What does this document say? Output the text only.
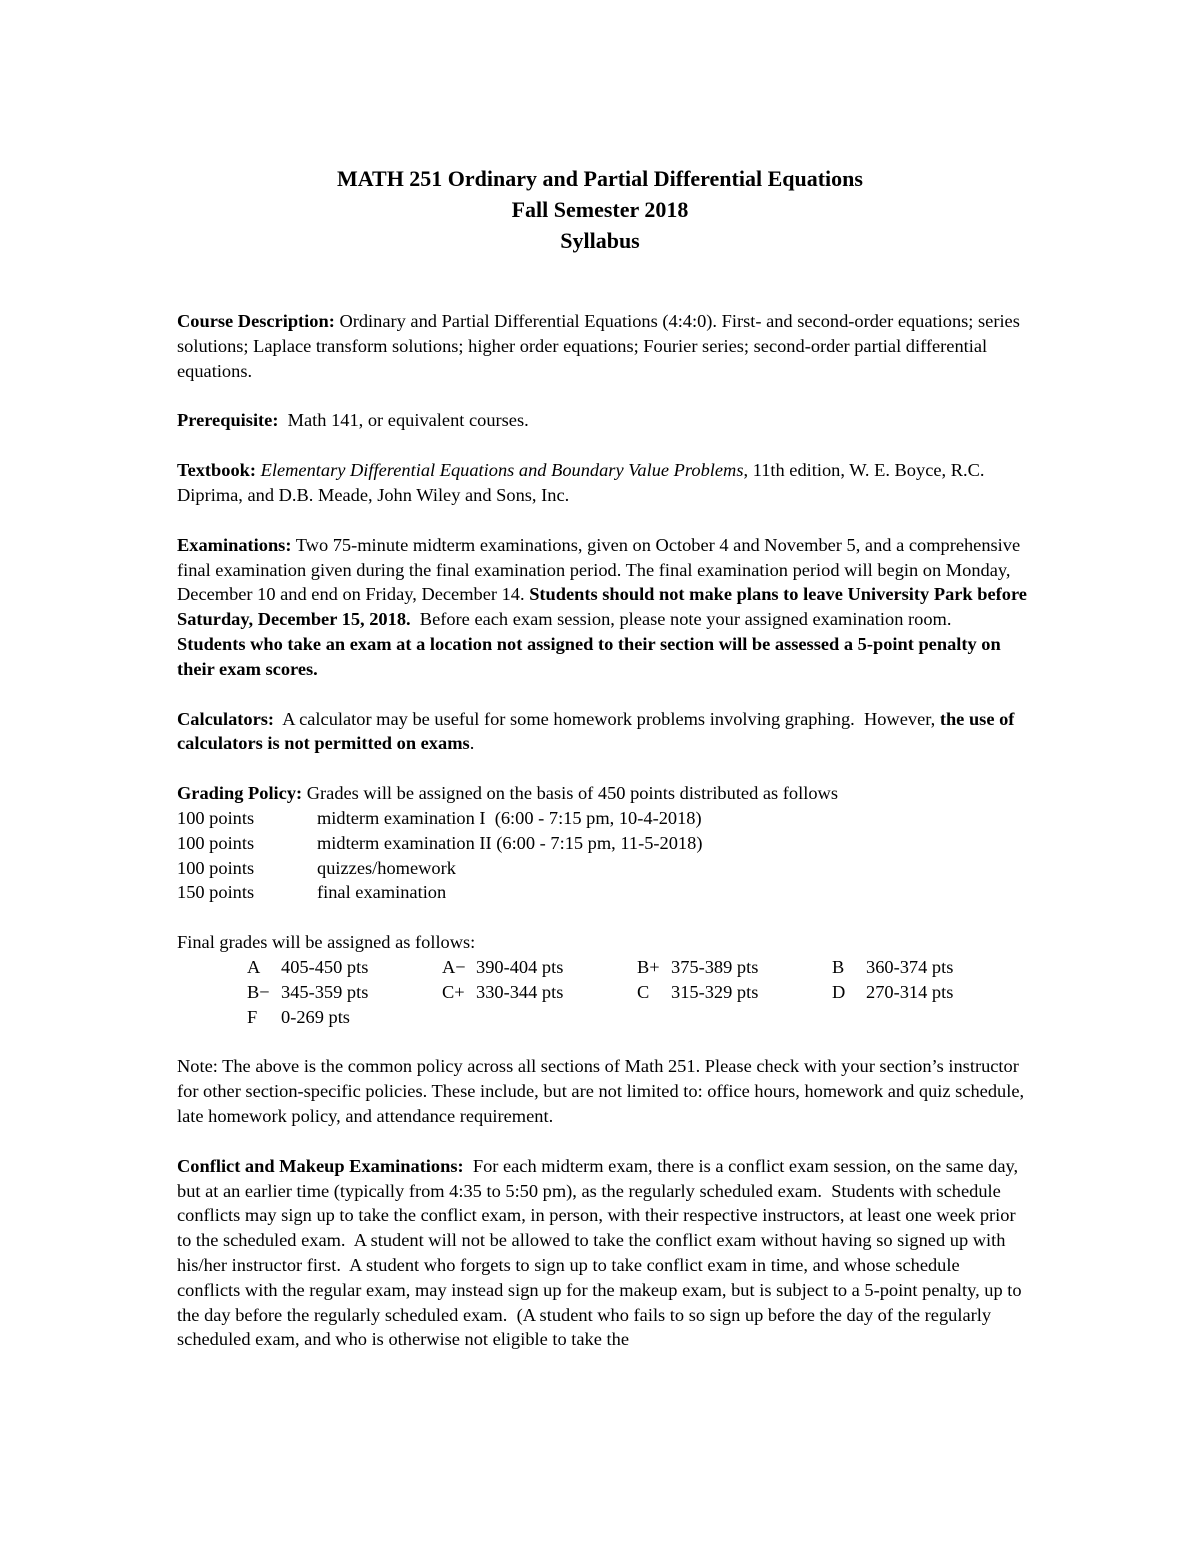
MATH 251 Ordinary and Partial Differential Equations
Fall Semester 2018
Syllabus

Course Description: Ordinary and Partial Differential Equations (4:4:0). First- and second-order equations; series solutions; Laplace transform solutions; higher order equations; Fourier series; second-order partial differential equations.

Prerequisite:  Math 141, or equivalent courses.

Textbook: Elementary Differential Equations and Boundary Value Problems, 11th edition, W. E. Boyce, R.C. Diprima, and D.B. Meade, John Wiley and Sons, Inc.

Examinations: Two 75-minute midterm examinations, given on October 4 and November 5, and a comprehensive final examination given during the final examination period. The final examination period will begin on Monday, December 10 and end on Friday, December 14. Students should not make plans to leave University Park before Saturday, December 15, 2018.  Before each exam session, please note your assigned examination room.  Students who take an exam at a location not assigned to their section will be assessed a 5-point penalty on their exam scores.

Calculators:  A calculator may be useful for some homework problems involving graphing.  However, the use of calculators is not permitted on exams.

Grading Policy: Grades will be assigned on the basis of 450 points distributed as follows

100 points	midterm examination I  (6:00 - 7:15 pm, 10-4-2018)
100 points	midterm examination II (6:00 - 7:15 pm, 11-5-2018)
100 points	quizzes/homework
150 points	final examination

Final grades will be assigned as follows:

A 405-450 pts	A− 390-404 pts	B+ 375-389 pts	B 360-374 pts
B− 345-359 pts	C+ 330-344 pts	C 315-329 pts	D 270-314 pts
F 0-269 pts			

Note: The above is the common policy across all sections of Math 251. Please check with your section’s instructor for other section-specific policies. These include, but are not limited to: office hours, homework and quiz schedule, late homework policy, and attendance requirement.

Conflict and Makeup Examinations:  For each midterm exam, there is a conflict exam session, on the same day, but at an earlier time (typically from 4:35 to 5:50 pm), as the regularly scheduled exam.  Students with schedule conflicts may sign up to take the conflict exam, in person, with their respective instructors, at least one week prior to the scheduled exam.  A student will not be allowed to take the conflict exam without having so signed up with his/her instructor first.  A student who forgets to sign up to take conflict exam in time, and whose schedule conflicts with the regular exam, may instead sign up for the makeup exam, but is subject to a 5-point penalty, up to the day before the regularly scheduled exam.  (A student who fails to so sign up before the day of the regularly scheduled exam, and who is otherwise not eligible to take the
